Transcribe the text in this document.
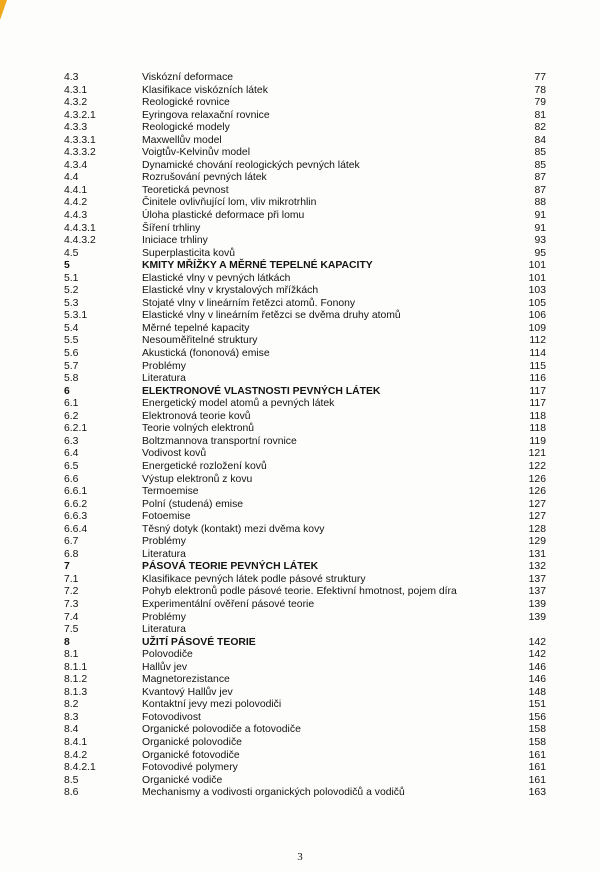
4.3	Viskózní deformace	77
4.3.1	Klasifikace viskózních látek	78
4.3.2	Reologické rovnice	79
4.3.2.1	Eyringova relaxační rovnice	81
4.3.3	Reologické modely	82
4.3.3.1	Maxwellův model	84
4.3.3.2	Voigtův-Kelvinův model	85
4.3.4	Dynamické chování reologických pevných látek	85
4.4	Rozrušování pevných látek	87
4.4.1	Teoretická pevnost	87
4.4.2	Činitele ovlivňující lom, vliv mikrotrhlin	88
4.4.3	Úloha plastické deformace při lomu	91
4.4.3.1	Šíření trhliny	91
4.4.3.2	Iniciace trhliny	93
4.5	Superplasticita kovů	95
5	KMITY MŘÍŽKY A MĚRNÉ TEPELNÉ KAPACITY	101
5.1	Elastické vlny v pevných látkách	101
5.2	Elastické vlny v krystalových mřížkách	103
5.3	Stojaté vlny v lineárním řetězci atomů. Fonony	105
5.3.1	Elastické vlny v lineárním řetězci se dvěma druhy atomů	106
5.4	Měrné tepelné kapacity	109
5.5	Nesouměřitelné struktury	112
5.6	Akustická (fononová) emise	114
5.7	Problémy	115
5.8	Literatura	116
6	ELEKTRONOVÉ VLASTNOSTI PEVNÝCH LÁTEK	117
6.1	Energetický model atomů a pevných látek	117
6.2	Elektronová teorie kovů	118
6.2.1	Teorie volných elektronů	118
6.3	Boltzmannova transportní rovnice	119
6.4	Vodivost kovů	121
6.5	Energetické rozložení kovů	122
6.6	Výstup elektronů z kovu	126
6.6.1	Termoemise	126
6.6.2	Polní (studená) emise	127
6.6.3	Fotoemise	127
6.6.4	Těsný dotyk (kontakt) mezi dvěma kovy	128
6.7	Problémy	129
6.8	Literatura	131
7	PÁSOVÁ TEORIE PEVNÝCH LÁTEK	132
7.1	Klasifikace pevných látek podle pásové struktury	137
7.2	Pohyb elektronů podle pásové teorie. Efektivní hmotnost, pojem díra	137
7.3	Experimentální ověření pásové teorie	139
7.4	Problémy	139
7.5	Literatura
8	UŽITÍ PÁSOVÉ TEORIE	142
8.1	Polovodiče	142
8.1.1	Hallův jev	146
8.1.2	Magnetorezistance	146
8.1.3	Kvantový Hallův jev	148
8.2	Kontaktní jevy mezi polovodiči	151
8.3	Fotovodivost	156
8.4	Organické polovodiče a fotovodiče	158
8.4.1	Organické polovodiče	158
8.4.2	Organické fotovodiče	161
8.4.2.1	Fotovodivé polymery	161
8.5	Organické vodiče	161
8.6	Mechanismy a vodivosti organických polovodičů a vodičů	163
3
